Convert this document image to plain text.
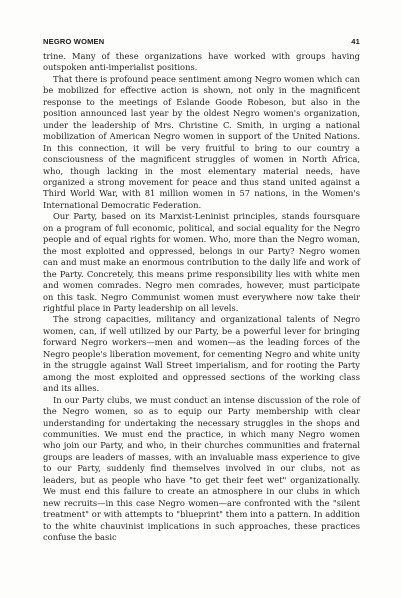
NEGRO WOMEN	41

trine. Many of these organizations have worked with groups having outspoken anti-imperialist positions.

That there is profound peace sentiment among Negro women which can be mobilized for effective action is shown, not only in the magnificent response to the meetings of Eslande Goode Robeson, but also in the position announced last year by the oldest Negro women's organization, under the leadership of Mrs. Christine C. Smith, in urging a national mobilization of American Negro women in support of the United Nations. In this connection, it will be very fruitful to bring to our country a consciousness of the magnificent struggles of women in North Africa, who, though lacking in the most elementary material needs, have organized a strong movement for peace and thus stand united against a Third World War, with 81 million women in 57 nations, in the Women's International Democratic Federation.

Our Party, based on its Marxist-Leninist principles, stands foursquare on a program of full economic, political, and social equality for the Negro people and of equal rights for women. Who, more than the Negro woman, the most exploited and oppressed, belongs in our Party? Negro women can and must make an enormous contribution to the daily life and work of the Party. Concretely, this means prime responsibility lies with white men and women comrades. Negro men comrades, however, must participate on this task. Negro Communist women must everywhere now take their rightful place in Party leadership on all levels.

The strong capacities, militancy and organizational talents of Negro women, can, if well utilized by our Party, be a powerful lever for bringing forward Negro workers—men and women—as the leading forces of the Negro people's liberation movement, for cementing Negro and white unity in the struggle against Wall Street imperialism, and for rooting the Party among the most exploited and oppressed sections of the working class and its allies.

In our Party clubs, we must conduct an intense discussion of the role of the Negro women, so as to equip our Party membership with clear understanding for undertaking the necessary struggles in the shops and communities. We must end the practice, in which many Negro women who join our Party, and who, in their churches communities and fraternal groups are leaders of masses, with an invaluable mass experience to give to our Party, suddenly find themselves involved in our clubs, not as leaders, but as people who have "to get their feet wet" organizationally. We must end this failure to create an atmosphere in our clubs in which new recruits—in this case Negro women—are confronted with the "silent treatment" or with attempts to "blueprint" them into a pattern. In addition to the white chauvinist implications in such approaches, these practices confuse the basic
